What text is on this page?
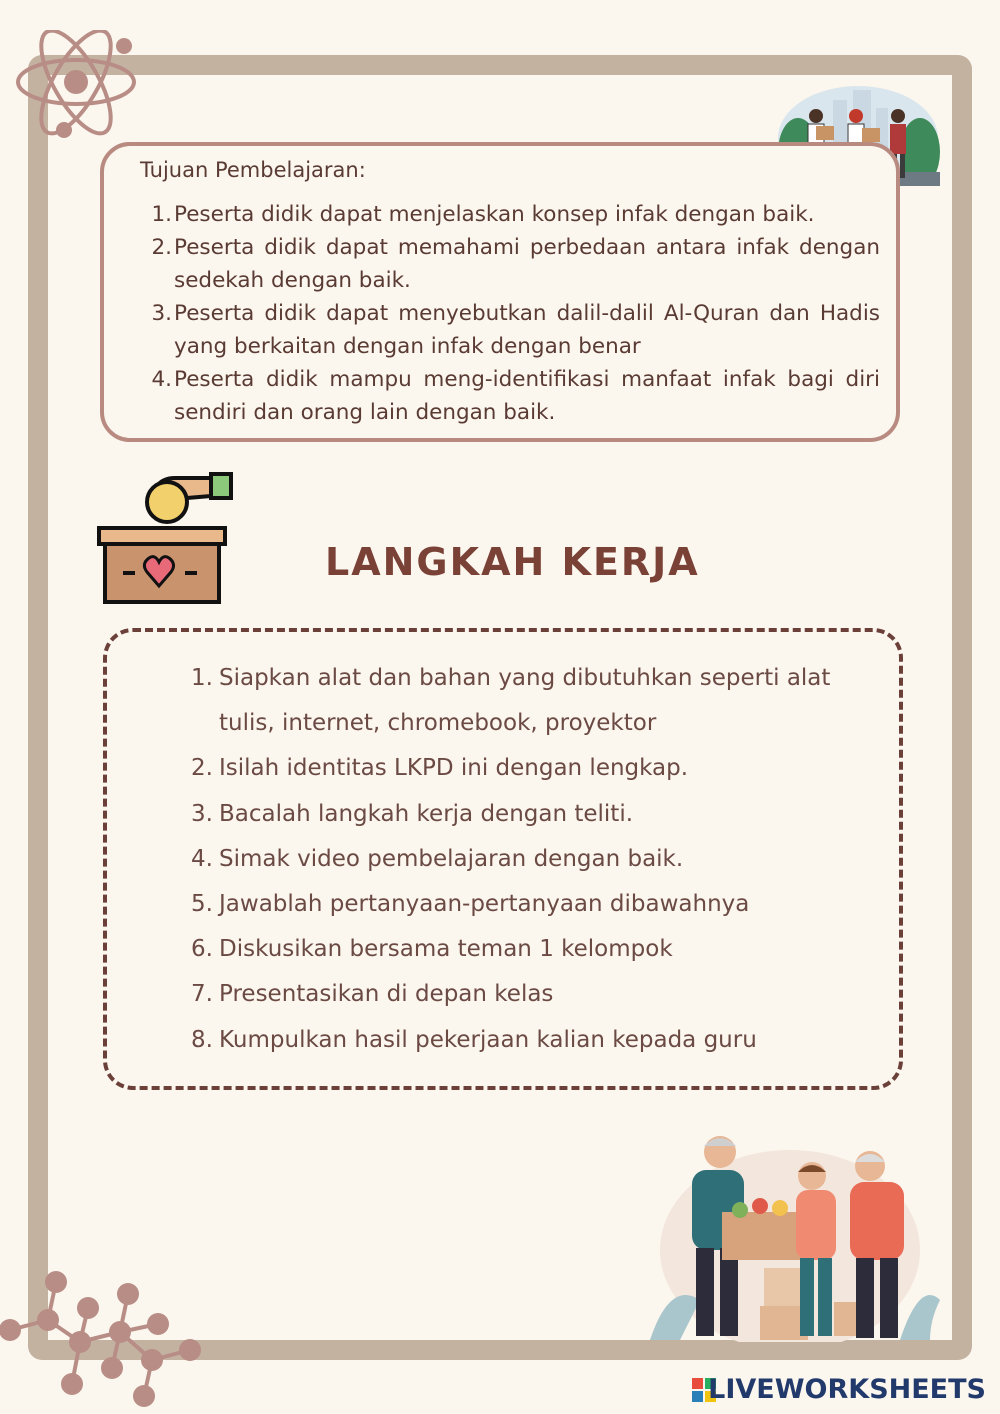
Tujuan Pembelajaran:
1. Peserta didik dapat menjelaskan konsep infak dengan baik.
2. Peserta didik dapat memahami perbedaan antara infak dengan sedekah dengan baik.
3. Peserta didik dapat menyebutkan dalil-dalil Al-Quran dan Hadis yang berkaitan dengan infak dengan benar
4. Peserta didik mampu meng-identifikasi manfaat infak bagi diri sendiri dan orang lain dengan baik.
LANGKAH KERJA
1. Siapkan alat dan bahan yang dibutuhkan seperti alat tulis, internet, chromebook, proyektor
2. Isilah identitas LKPD ini dengan lengkap.
3. Bacalah langkah kerja dengan teliti.
4. Simak video pembelajaran dengan baik.
5. Jawablah pertanyaan-pertanyaan dibawahnya
6. Diskusikan bersama teman 1 kelompok
7. Presentasikan di depan kelas
8. Kumpulkan hasil pekerjaan kalian kepada guru
LIVEWORKSHEETS
